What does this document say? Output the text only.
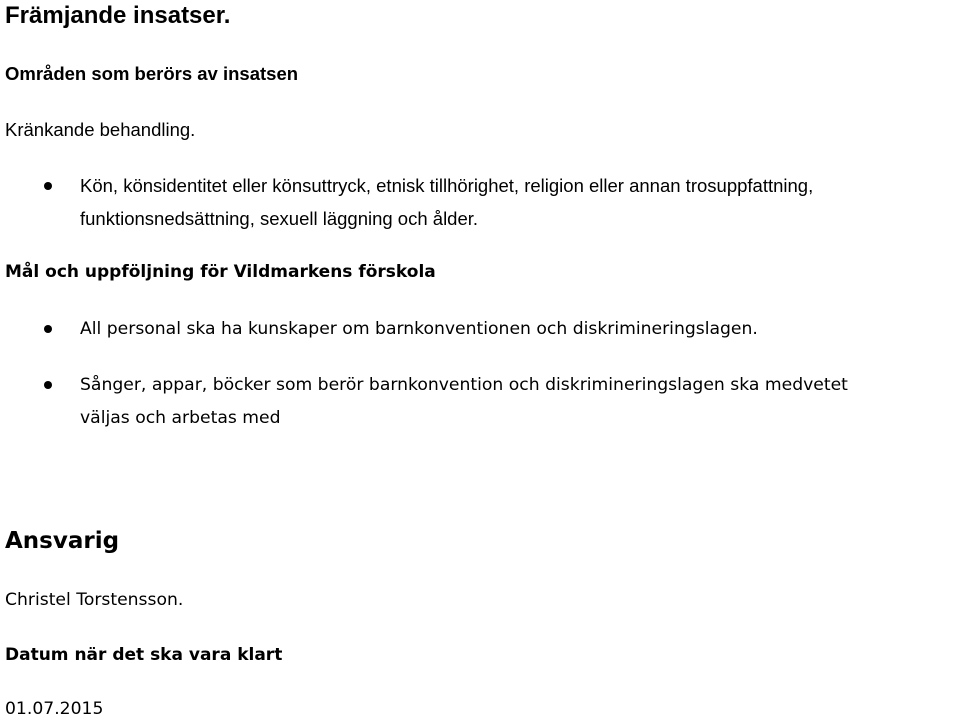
Främjande insatser.
Områden som berörs av insatsen
Kränkande behandling.
Kön, könsidentitet eller könsuttryck, etnisk tillhörighet, religion eller annan trosuppfattning,
funktionsnedsättning, sexuell läggning och ålder.
Mål och uppföljning för Vildmarkens förskola
All personal ska ha kunskaper om barnkonventionen och diskrimineringslagen.
Sånger, appar, böcker som berör barnkonvention och diskrimineringslagen ska medvetet
väljas och arbetas med
Ansvarig
Christel Torstensson.
Datum när det ska vara klart
01.07.2015
